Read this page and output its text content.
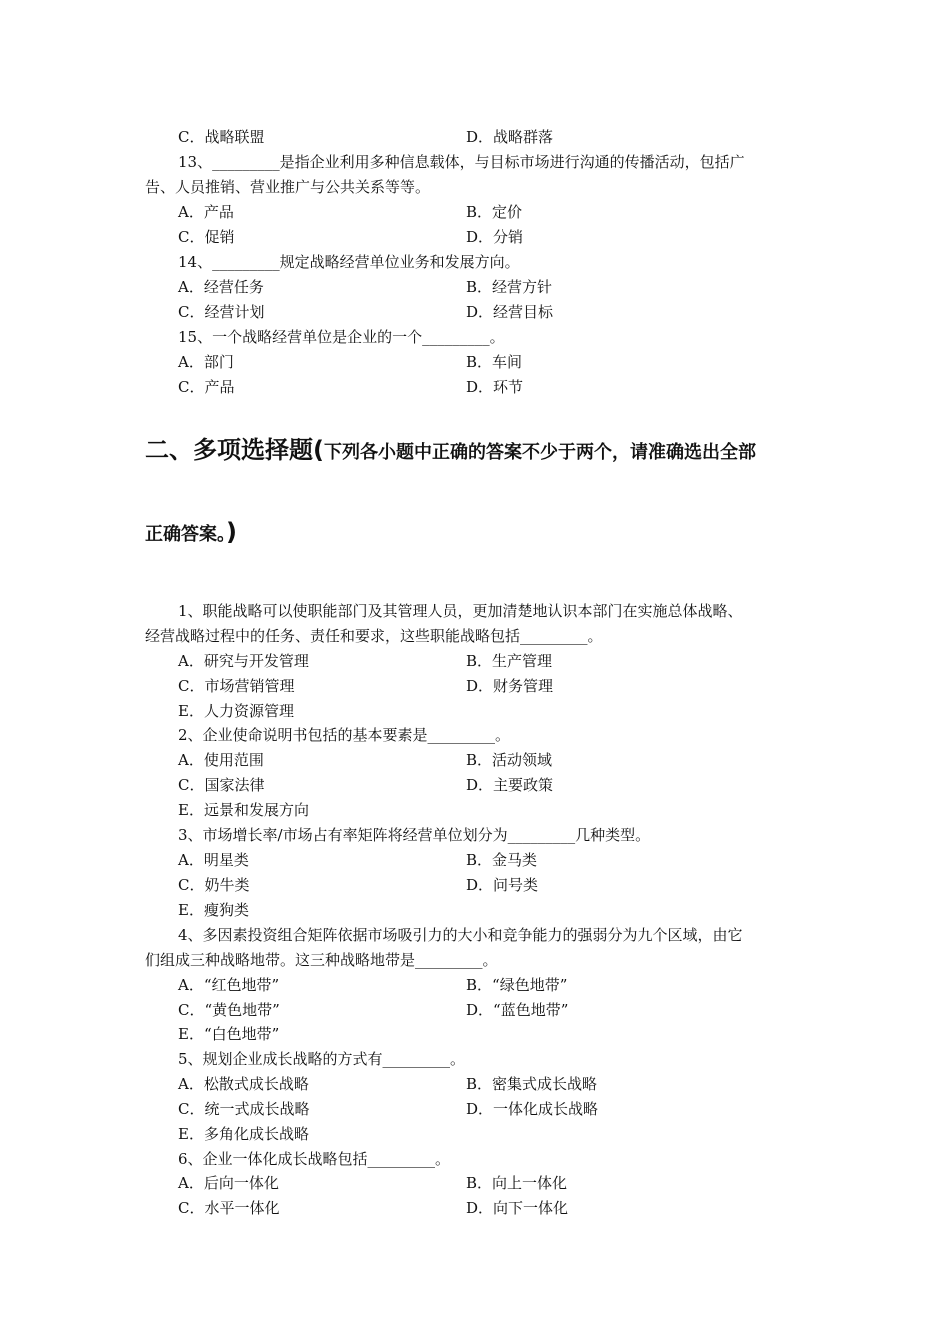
C．战略联盟	D．战略群落
13、_________是指企业利用多种信息载体，与目标市场进行沟通的传播活动，包括广
告、人员推销、营业推广与公共关系等等。
A．产品	B．定价
C．促销	D．分销
14、_________规定战略经营单位业务和发展方向。
A．经营任务	B．经营方针
C．经营计划	D．经营目标
15、一个战略经营单位是企业的一个_________。
A．部门	B．车间
C．产品	D．环节
二、多项选择题(下列各小题中正确的答案不少于两个，请准确选出全部
正确答案。)
1、职能战略可以使职能部门及其管理人员，更加清楚地认识本部门在实施总体战略、
经营战略过程中的任务、责任和要求，这些职能战略包括_________。
A．研究与开发管理	B．生产管理
C．市场营销管理	D．财务管理
E．人力资源管理
2、企业使命说明书包括的基本要素是_________。
A．使用范围	B．活动领域
C．国家法律	D．主要政策
E．远景和发展方向
3、市场增长率/市场占有率矩阵将经营单位划分为_________几种类型。
A．明星类	B．金马类
C．奶牛类	D．问号类
E．瘦狗类
4、多因素投资组合矩阵依据市场吸引力的大小和竞争能力的强弱分为九个区域，由它
们组成三种战略地带。这三种战略地带是_________。
A．“红色地带”	B．“绿色地带”
C．“黄色地带”	D．“蓝色地带”
E．“白色地带”
5、规划企业成长战略的方式有_________。
A．松散式成长战略	B．密集式成长战略
C．统一式成长战略	D．一体化成长战略
E．多角化成长战略
6、企业一体化成长战略包括_________。
A．后向一体化	B．向上一体化
C．水平一体化	D．向下一体化
